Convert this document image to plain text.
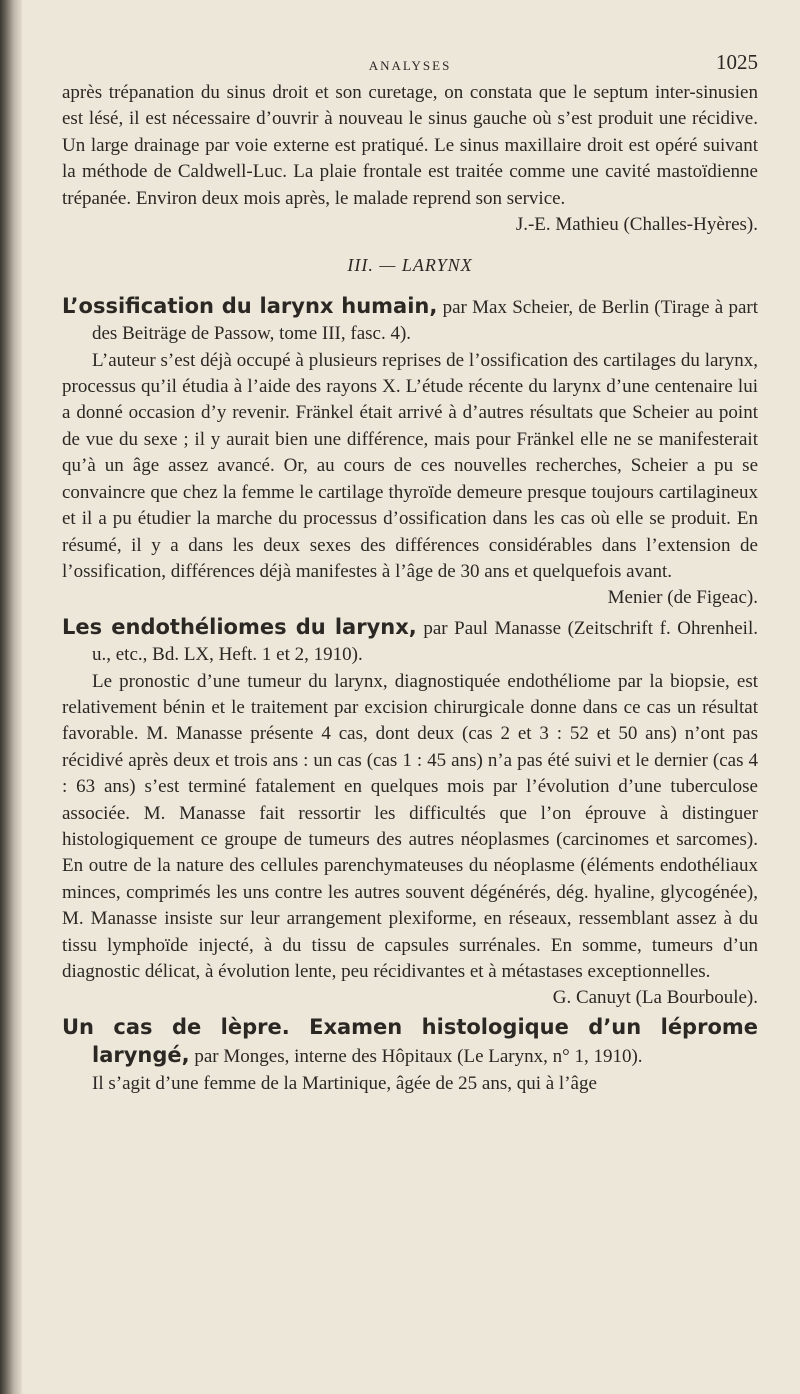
ANALYSES	1025

après trépanation du sinus droit et son curetage, on constata que le septum inter-sinusien est lésé, il est nécessaire d’ouvrir à nouveau le sinus gauche où s’est produit une récidive. Un large drainage par voie externe est pratiqué. Le sinus maxillaire droit est opéré suivant la méthode de Caldwell-Luc. La plaie frontale est traitée comme une cavité mastoïdienne trépanée. Environ deux mois après, le malade reprend son service.
J.-E. Mathieu (Challes-Hyères).

III. — LARYNX

L’ossification du larynx humain, par Max Scheier, de Berlin (Tirage à part des Beiträge de Passow, tome III, fasc. 4).

L’auteur s’est déjà occupé à plusieurs reprises de l’ossification des cartilages du larynx, processus qu’il étudia à l’aide des rayons X. L’étude récente du larynx d’une centenaire lui a donné occasion d’y revenir. Fränkel était arrivé à d’autres résultats que Scheier au point de vue du sexe ; il y aurait bien une différence, mais pour Fränkel elle ne se manifesterait qu’à un âge assez avancé. Or, au cours de ces nouvelles recherches, Scheier a pu se convaincre que chez la femme le cartilage thyroïde demeure presque toujours cartilagineux et il a pu étudier la marche du processus d’ossification dans les cas où elle se produit. En résumé, il y a dans les deux sexes des différences considérables dans l’extension de l’ossification, différences déjà manifestes à l’âge de 30 ans et quelquefois avant.
Menier (de Figeac).

Les endothéliomes du larynx, par Paul Manasse (Zeitschrift f. Ohrenheil. u., etc., Bd. LX, Heft. 1 et 2, 1910).

Le pronostic d’une tumeur du larynx, diagnostiquée endothéliome par la biopsie, est relativement bénin et le traitement par excision chirurgicale donne dans ce cas un résultat favorable. M. Manasse présente 4 cas, dont deux (cas 2 et 3 : 52 et 50 ans) n’ont pas récidivé après deux et trois ans : un cas (cas 1 : 45 ans) n’a pas été suivi et le dernier (cas 4 : 63 ans) s’est terminé fatalement en quelques mois par l’évolution d’une tuberculose associée. M. Manasse fait ressortir les difficultés que l’on éprouve à distinguer histologiquement ce groupe de tumeurs des autres néoplasmes (carcinomes et sarcomes). En outre de la nature des cellules parenchymateuses du néoplasme (éléments endothéliaux minces, comprimés les uns contre les autres souvent dégénérés, dég. hyaline, glycogénée), M. Manasse insiste sur leur arrangement plexiforme, en réseaux, ressemblant assez à du tissu lymphoïde injecté, à du tissu de capsules surrénales. En somme, tumeurs d’un diagnostic délicat, à évolution lente, peu récidivantes et à métastases exceptionnelles.
G. Canuyt (La Bourboule).

Un cas de lèpre. Examen histologique d’un léprome laryngé, par Monges, interne des Hôpitaux (Le Larynx, n° 1, 1910).

Il s’agit d’une femme de la Martinique, âgée de 25 ans, qui à l’âge
